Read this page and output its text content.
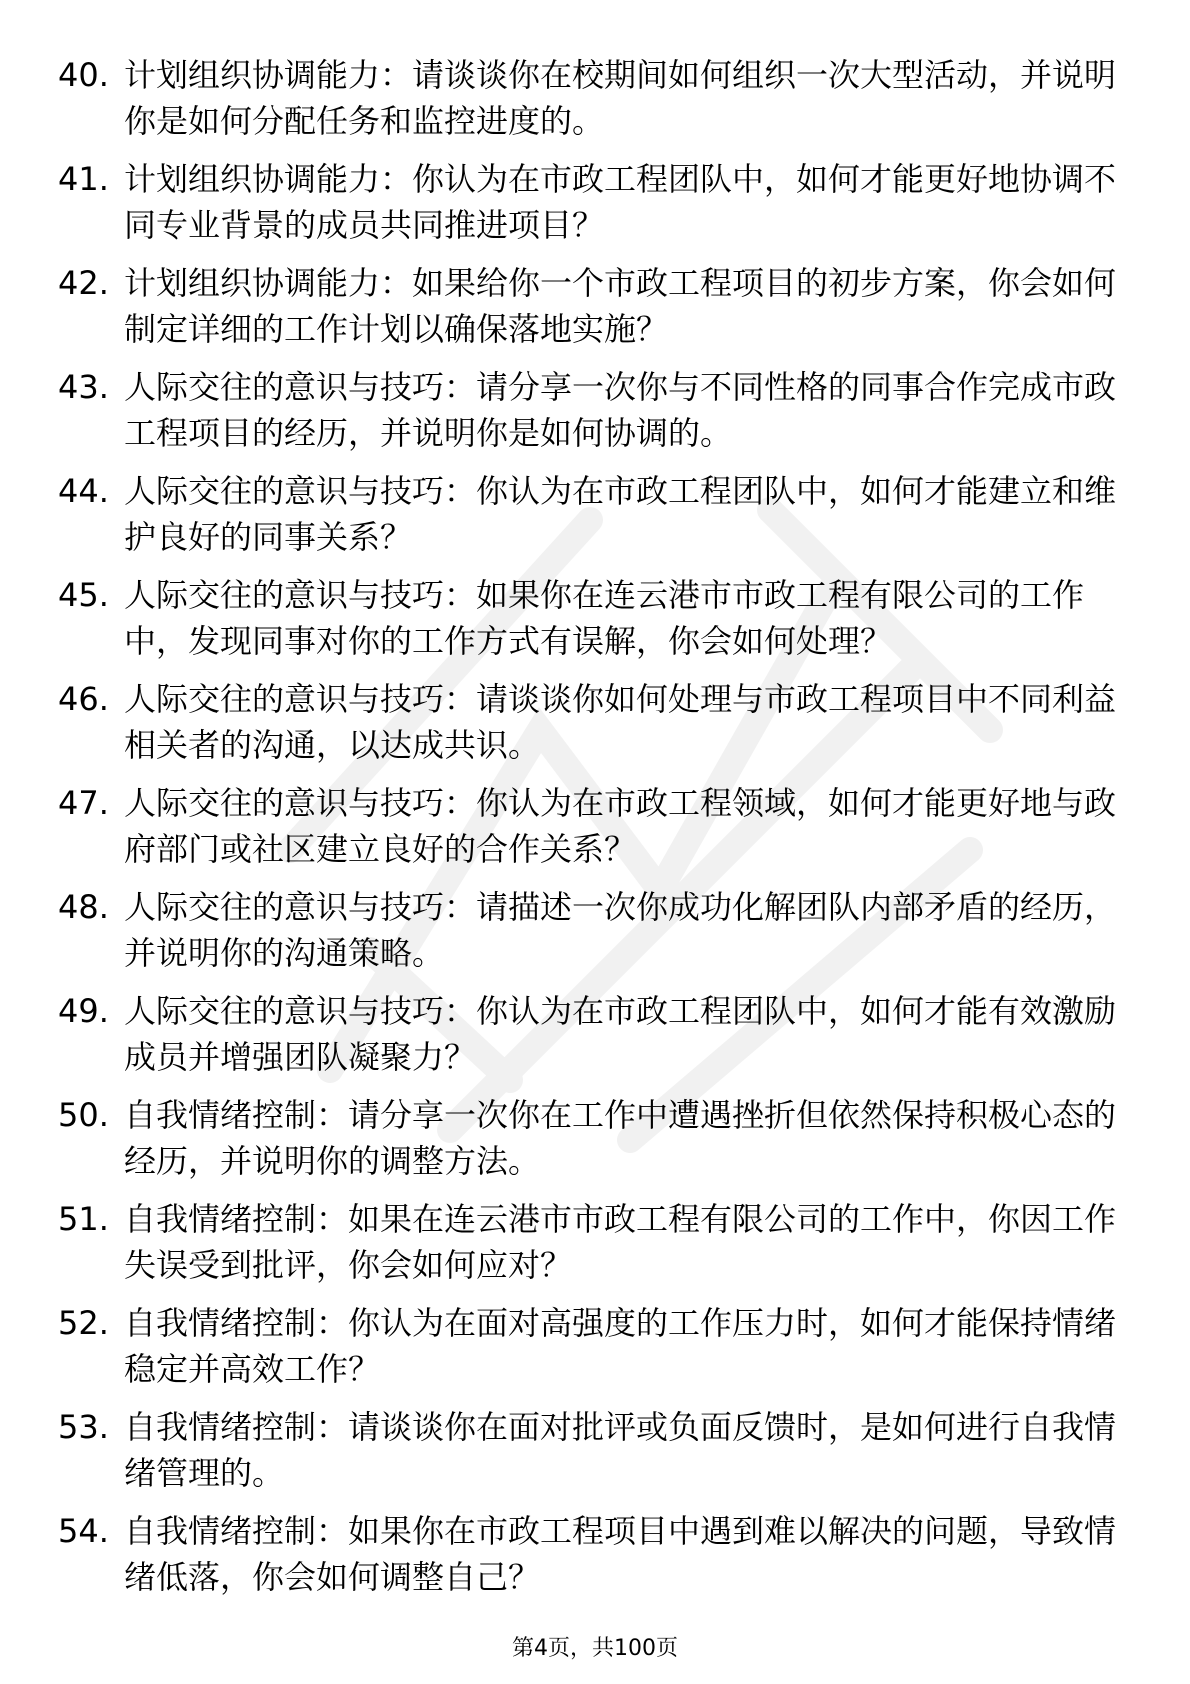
40. 计划组织协调能力：请谈谈你在校期间如何组织一次大型活动，并说明你是如何分配任务和监控进度的。
41. 计划组织协调能力：你认为在市政工程团队中，如何才能更好地协调不同专业背景的成员共同推进项目？
42. 计划组织协调能力：如果给你一个市政工程项目的初步方案，你会如何制定详细的工作计划以确保落地实施？
43. 人际交往的意识与技巧：请分享一次你与不同性格的同事合作完成市政工程项目的经历，并说明你是如何协调的。
44. 人际交往的意识与技巧：你认为在市政工程团队中，如何才能建立和维护良好的同事关系？
45. 人际交往的意识与技巧：如果你在连云港市市政工程有限公司的工作中，发现同事对你的工作方式有误解，你会如何处理？
46. 人际交往的意识与技巧：请谈谈你如何处理与市政工程项目中不同利益相关者的沟通，以达成共识。
47. 人际交往的意识与技巧：你认为在市政工程领域，如何才能更好地与政府部门或社区建立良好的合作关系？
48. 人际交往的意识与技巧：请描述一次你成功化解团队内部矛盾的经历，并说明你的沟通策略。
49. 人际交往的意识与技巧：你认为在市政工程团队中，如何才能有效激励成员并增强团队凝聚力？
50. 自我情绪控制：请分享一次你在工作中遭遇挫折但依然保持积极心态的经历，并说明你的调整方法。
51. 自我情绪控制：如果在连云港市市政工程有限公司的工作中，你因工作失误受到批评，你会如何应对？
52. 自我情绪控制：你认为在面对高强度的工作压力时，如何才能保持情绪稳定并高效工作？
53. 自我情绪控制：请谈谈你在面对批评或负面反馈时，是如何进行自我情绪管理的。
54. 自我情绪控制：如果你在市政工程项目中遇到难以解决的问题，导致情绪低落，你会如何调整自己？
第4页，共100页
